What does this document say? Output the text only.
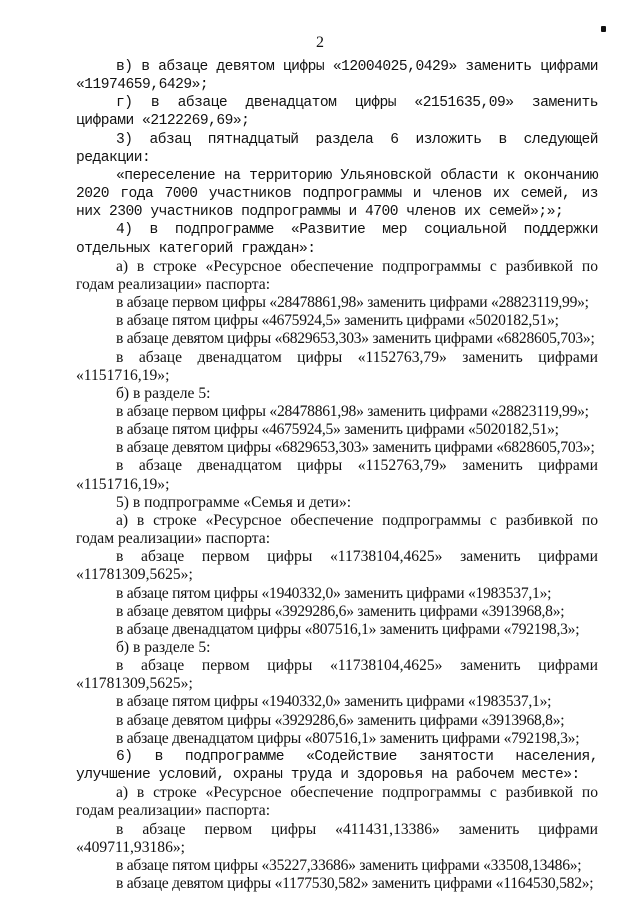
2

в) в абзаце девятом цифры «12004025,0429» заменить цифрами «11974659,6429»;

г) в абзаце двенадцатом цифры «2151635,09» заменить цифрами «2122269,69»;

3) абзац пятнадцатый раздела 6 изложить в следующей редакции:

«переселение на территорию Ульяновской области к окончанию 2020 года 7000 участников подпрограммы и членов их семей, из них 2300 участников подпрограммы и 4700 членов их семей»;»;

4) в подпрограмме «Развитие мер социальной поддержки отдельных категорий граждан»:

а) в строке «Ресурсное обеспечение подпрограммы с разбивкой по годам реализации» паспорта:

в абзаце первом цифры «28478861,98» заменить цифрами «28823119,99»;

в абзаце пятом цифры «4675924,5» заменить цифрами «5020182,51»;

в абзаце девятом цифры «6829653,303» заменить цифрами «6828605,703»;

в абзаце двенадцатом цифры «1152763,79» заменить цифрами «1151716,19»;

б) в разделе 5:

в абзаце первом цифры «28478861,98» заменить цифрами «28823119,99»;

в абзаце пятом цифры «4675924,5» заменить цифрами «5020182,51»;

в абзаце девятом цифры «6829653,303» заменить цифрами «6828605,703»;

в абзаце двенадцатом цифры «1152763,79» заменить цифрами «1151716,19»;

5) в подпрограмме «Семья и дети»:

а) в строке «Ресурсное обеспечение подпрограммы с разбивкой по годам реализации» паспорта:

в абзаце первом цифры «11738104,4625» заменить цифрами «11781309,5625»;

в абзаце пятом цифры «1940332,0» заменить цифрами «1983537,1»;

в абзаце девятом цифры «3929286,6» заменить цифрами «3913968,8»;

в абзаце двенадцатом цифры «807516,1» заменить цифрами «792198,3»;

б) в разделе 5:

в абзаце первом цифры «11738104,4625» заменить цифрами «11781309,5625»;

в абзаце пятом цифры «1940332,0» заменить цифрами «1983537,1»;

в абзаце девятом цифры «3929286,6» заменить цифрами «3913968,8»;

в абзаце двенадцатом цифры «807516,1» заменить цифрами «792198,3»;

6) в подпрограмме «Содействие занятости населения, улучшение условий, охраны труда и здоровья на рабочем месте»:

а) в строке «Ресурсное обеспечение подпрограммы с разбивкой по годам реализации» паспорта:

в абзаце первом цифры «411431,13386» заменить цифрами «409711,93186»;

в абзаце пятом цифры «35227,33686» заменить цифрами «33508,13486»;

в абзаце девятом цифры «1177530,582» заменить цифрами «1164530,582»;
